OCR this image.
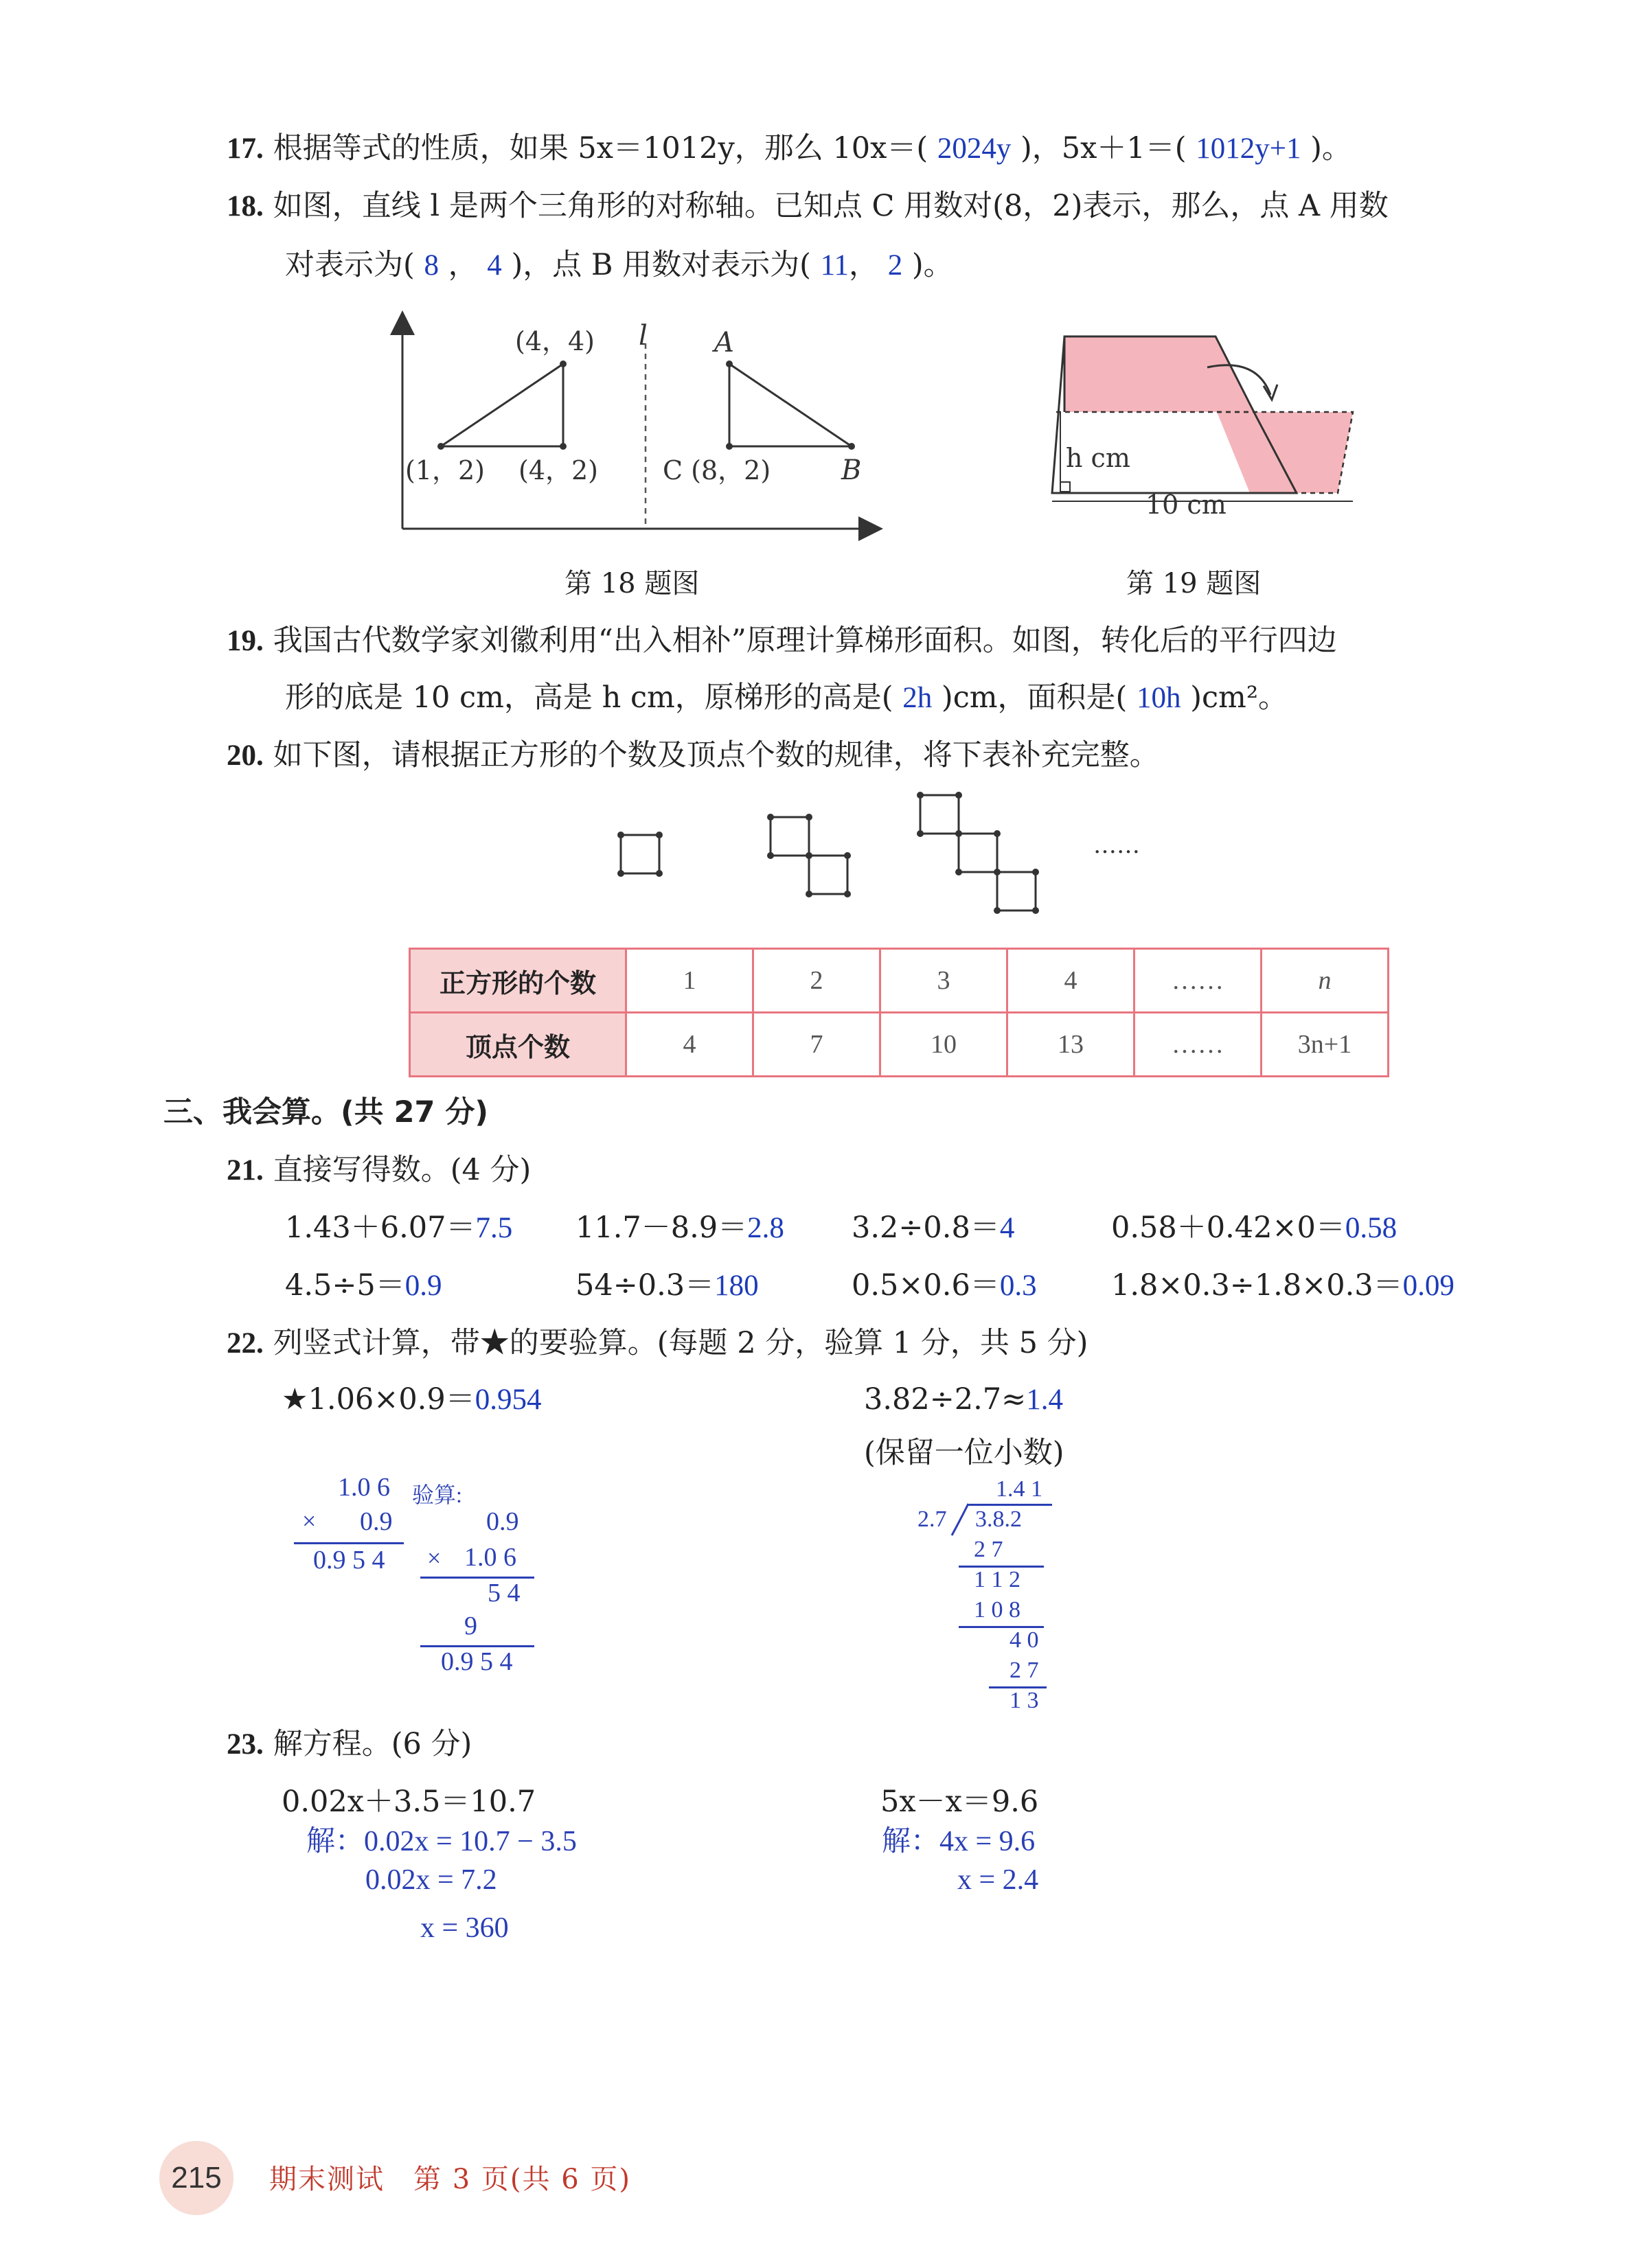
17. 根据等式的性质，如果 5x＝1012y，那么 10x＝( 2024y )，5x＋1＝( 1012y+1 )。
18. 如图，直线 l 是两个三角形的对称轴。已知点 C 用数对(8，2)表示，那么，点 A 用数
对表示为( 8 ， 4 )，点 B 用数对表示为( 11， 2 )。
(4，4)
(1，2) (4，2)
l A
C (8，2)	B
第 18 题图
h cm
10 cm
第 19 题图
19. 我国古代数学家刘徽利用“出入相补”原理计算梯形面积。如图，转化后的平行四边
形的底是 10 cm，高是 h cm，原梯形的高是( 2h )cm，面积是( 10h )cm²。
20. 如下图，请根据正方形的个数及顶点个数的规律，将下表补充完整。
……
正方形的个数	1	2	3	4	……	n
顶点个数	4	7	10	13	……	3n+1
三、我会算。(共 27 分)
21. 直接写得数。(4 分)
1.43＋6.07＝7.5 11.7－8.9＝2.8 3.2÷0.8＝4	0.58＋0.42×0＝0.58
4.5÷5＝0.9	54÷0.3＝180	0.5×0.6＝0.3	1.8×0.3÷1.8×0.3＝0.09
22. 列竖式计算，带★的要验算。(每题 2 分，验算 1 分，共 5 分)
★1.06×0.9＝0.954	3.82÷2.7≈1.4
(保留一位小数)
1.0 6
× 0.9
0.9 5 4
验算:
0.9
× 1.0 6
5 4
9
0.9 5 4
1.4 1
2.7 3.8.2
2 7
1 1 2
1 0 8
4 0
2 7
1 3
23. 解方程。(6 分)
0.02x＋3.5＝10.7	5x－x＝9.6
解：0.02x = 10.7 − 3.5
0.02x = 7.2
x = 360
解：4x = 9.6
x = 2.4
215	期末测试　第 3 页(共 6 页)
